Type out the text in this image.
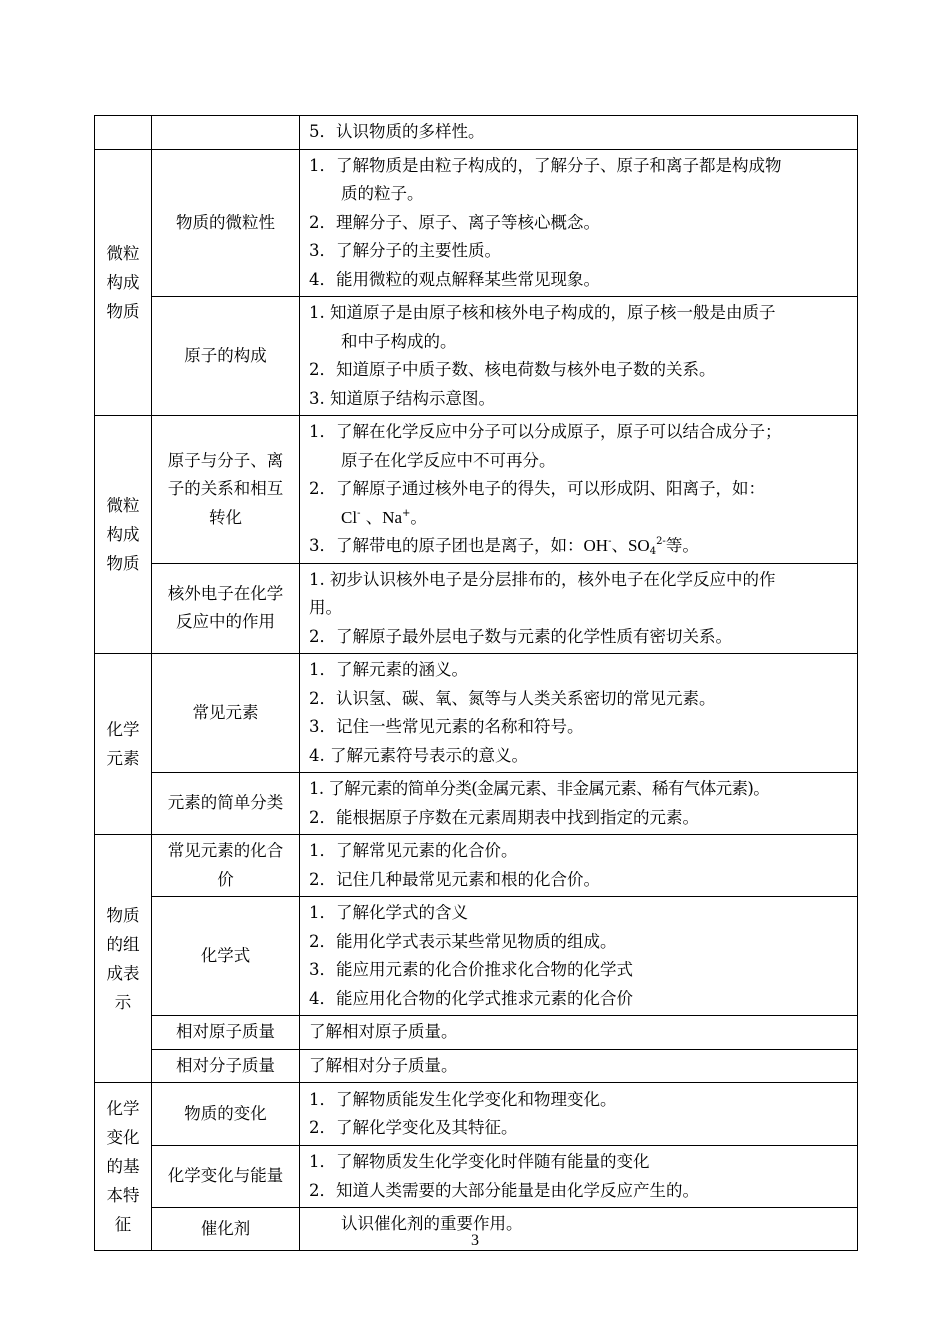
		5．认识物质的多样性。

微粒构成物质	物质的微粒性	1．了解物质是由粒子构成的，了解分子、原子和离子都是构成物
质的粒子。
2．理解分子、原子、离子等核心概念。
3．了解分子的主要性质。
4．能用微粒的观点解释某些常见现象。

	原子的构成	1. 知道原子是由原子核和核外电子构成的，原子核一般是由质子
和中子构成的。
2．知道原子中质子数、核电荷数与核外电子数的关系。
3. 知道原子结构示意图。

微粒构成物质	原子与分子、离子的关系和相互转化	1．了解在化学反应中分子可以分成原子，原子可以结合成分子；
原子在化学反应中不可再分。
2．了解原子通过核外电子的得失，可以形成阴、阳离子，如：
Cl- 、Na+。
3．了解带电的原子团也是离子，如：OH-、$SO_4^{2-}$等。

	核外电子在化学反应中的作用	1. 初步认识核外电子是分层排布的，核外电子在化学反应中的作
用。
2．了解原子最外层电子数与元素的化学性质有密切关系。

化学元素	常见元素	1．了解元素的涵义。
2．认识氢、碳、氧、氮等与人类关系密切的常见元素。
3．记住一些常见元素的名称和符号。
4. 了解元素符号表示的意义。

	元素的简单分类	1. 了解元素的简单分类(金属元素、非金属元素、稀有气体元素)。
2．能根据原子序数在元素周期表中找到指定的元素。

物质的组成表示	常见元素的化合价	1．了解常见元素的化合价。
2．记住几种最常见元素和根的化合价。

	化学式	1．了解化学式的含义
2．能用化学式表示某些常见物质的组成。
3．能应用元素的化合价推求化合物的化学式
4．能应用化合物的化学式推求元素的化合价

	相对原子质量	了解相对原子质量。

	相对分子质量	了解相对分子质量。

化学变化的基本特征	物质的变化	1．了解物质能发生化学变化和物理变化。
2．了解化学变化及其特征。

	化学变化与能量	1．了解物质发生化学变化时伴随有能量的变化
2．知道人类需要的大部分能量是由化学反应产生的。

	催化剂	认识催化剂的重要作用。
3
